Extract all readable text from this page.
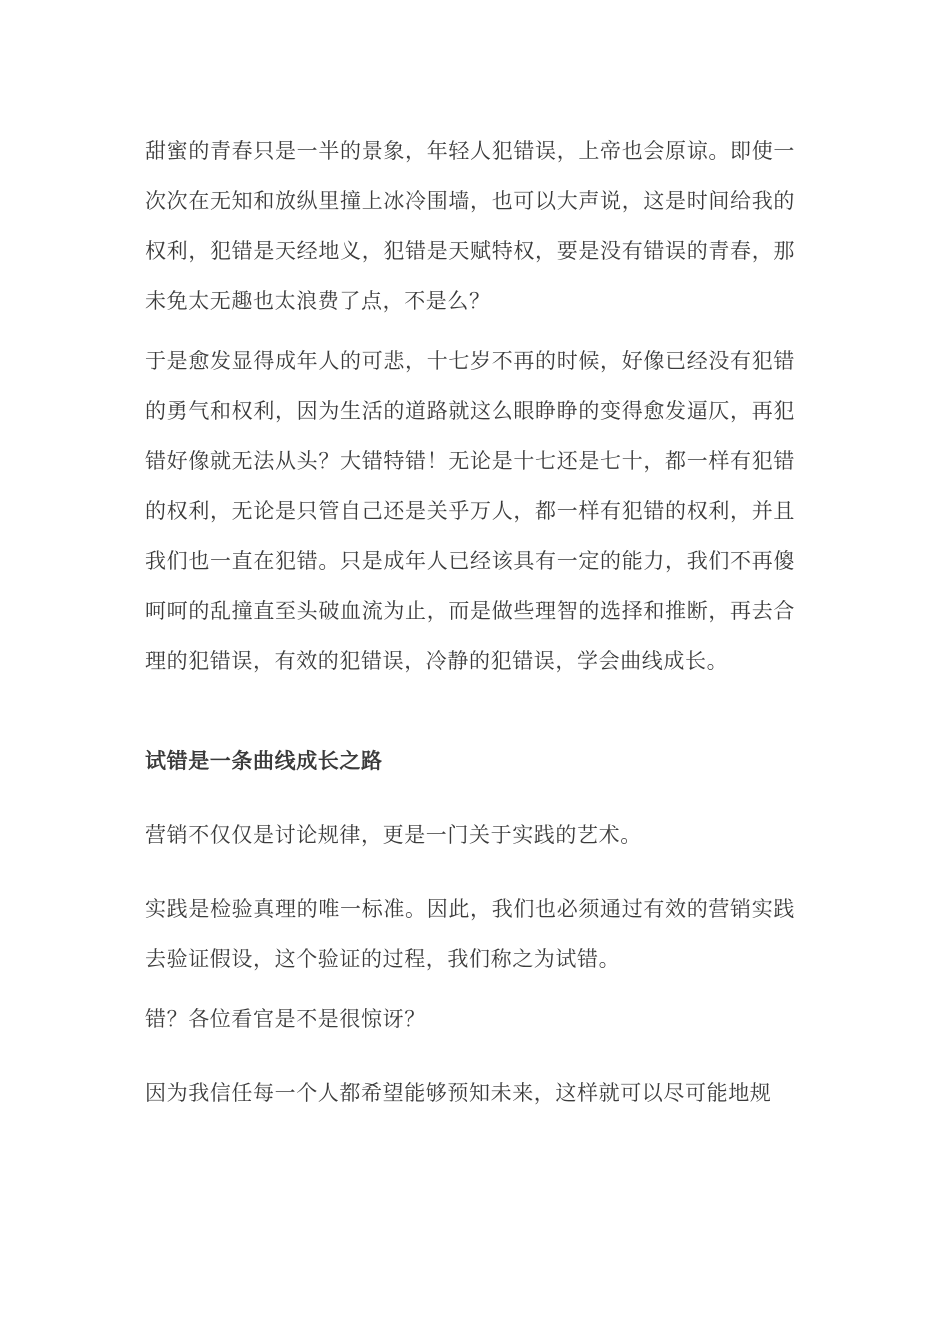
甜蜜的青春只是一半的景象，年轻人犯错误，上帝也会原谅。即使一次次在无知和放纵里撞上冰冷围墙，也可以大声说，这是时间给我的权利，犯错是天经地义，犯错是天赋特权，要是没有错误的青春，那未免太无趣也太浪费了点，不是么？

于是愈发显得成年人的可悲，十七岁不再的时候，好像已经没有犯错的勇气和权利，因为生活的道路就这么眼睁睁的变得愈发逼仄，再犯错好像就无法从头？大错特错！无论是十七还是七十，都一样有犯错的权利，无论是只管自己还是关乎万人，都一样有犯错的权利，并且我们也一直在犯错。只是成年人已经该具有一定的能力，我们不再傻呵呵的乱撞直至头破血流为止，而是做些理智的选择和推断，再去合理的犯错误，有效的犯错误，冷静的犯错误，学会曲线成长。

试错是一条曲线成长之路

营销不仅仅是讨论规律，更是一门关于实践的艺术。

实践是检验真理的唯一标准。因此，我们也必须通过有效的营销实践去验证假设，这个验证的过程，我们称之为试错。

错？各位看官是不是很惊讶？

因为我信任每一个人都希望能够预知未来，这样就可以尽可能地规
